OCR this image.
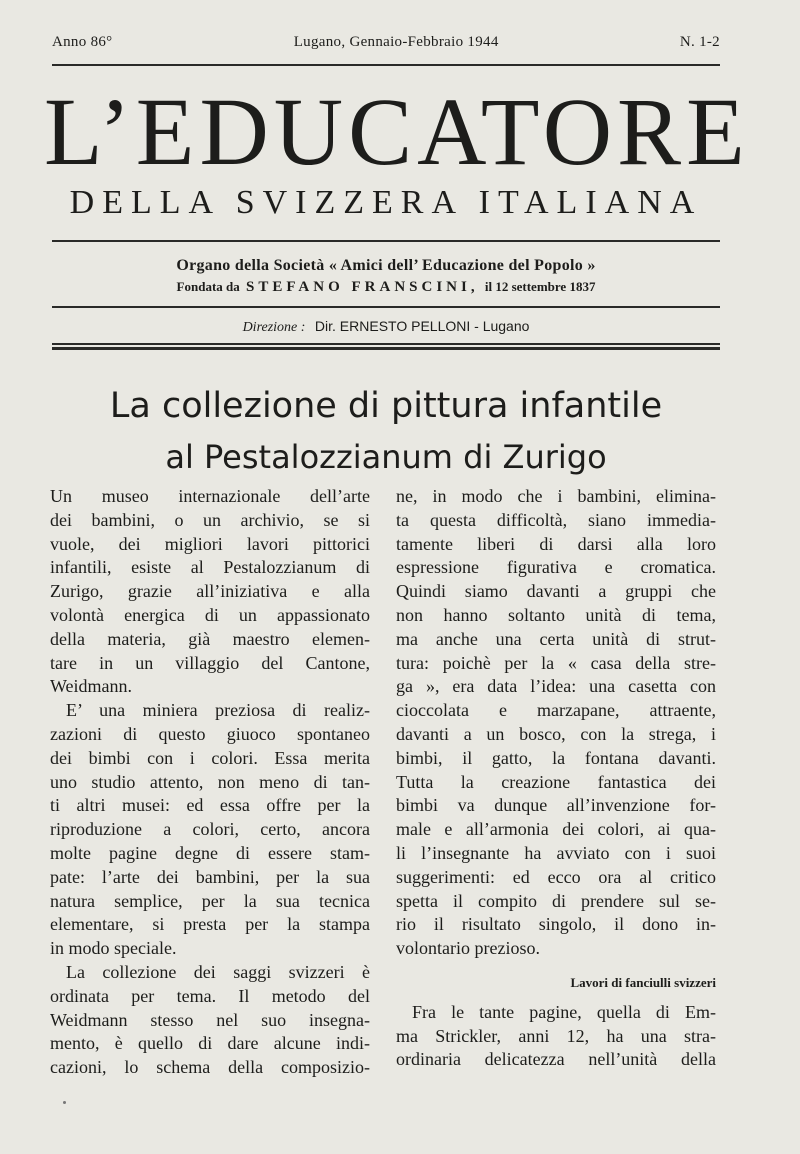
Anno 86°	Lugano, Gennaio-Febbraio 1944	N. 1-2
L’EDUCATORE
DELLA SVIZZERA ITALIANA
Organo della Società « Amici dell’ Educazione del Popolo »
Fondata da STEFANO FRANSCINI, il 12 settembre 1837
Direzione : Dir. ERNESTO PELLONI - Lugano
La collezione di pittura infantile
al Pestalozzianum di Zurigo
Un museo internazionale dell’arte
dei bambini, o un archivio, se si
vuole, dei migliori lavori pittorici
infantili, esiste al Pestalozzianum di
Zurigo, grazie all’iniziativa e alla
volontà energica di un appassionato
della materia, già maestro elemen-
tare in un villaggio del Cantone,
Weidmann.
E’ una miniera preziosa di realiz-
zazioni di questo giuoco spontaneo
dei bimbi con i colori. Essa merita
uno studio attento, non meno di tan-
ti altri musei: ed essa offre per la
riproduzione a colori, certo, ancora
molte pagine degne di essere stam-
pate: l’arte dei bambini, per la sua
natura semplice, per la sua tecnica
elementare, si presta per la stampa
in modo speciale.
La collezione dei saggi svizzeri è
ordinata per tema. Il metodo del
Weidmann stesso nel suo insegna-
mento, è quello di dare alcune indi-
cazioni, lo schema della composizio-
ne, in modo che i bambini, elimina-
ta questa difficoltà, siano immedia-
tamente liberi di darsi alla loro
espressione figurativa e cromatica.
Quindi siamo davanti a gruppi che
non hanno soltanto unità di tema,
ma anche una certa unità di strut-
tura: poichè per la « casa della stre-
ga », era data l’idea: una casetta con
cioccolata e marzapane, attraente,
davanti a un bosco, con la strega, i
bimbi, il gatto, la fontana davanti.
Tutta la creazione fantastica dei
bimbi va dunque all’invenzione for-
male e all’armonia dei colori, ai qua-
li l’insegnante ha avviato con i suoi
suggerimenti: ed ecco ora al critico
spetta il compito di prendere sul se-
rio il risultato singolo, il dono in-
volontario prezioso.
Lavori di fanciulli svizzeri
Fra le tante pagine, quella di Em-
ma Strickler, anni 12, ha una stra-
ordinaria delicatezza nell’unità della
